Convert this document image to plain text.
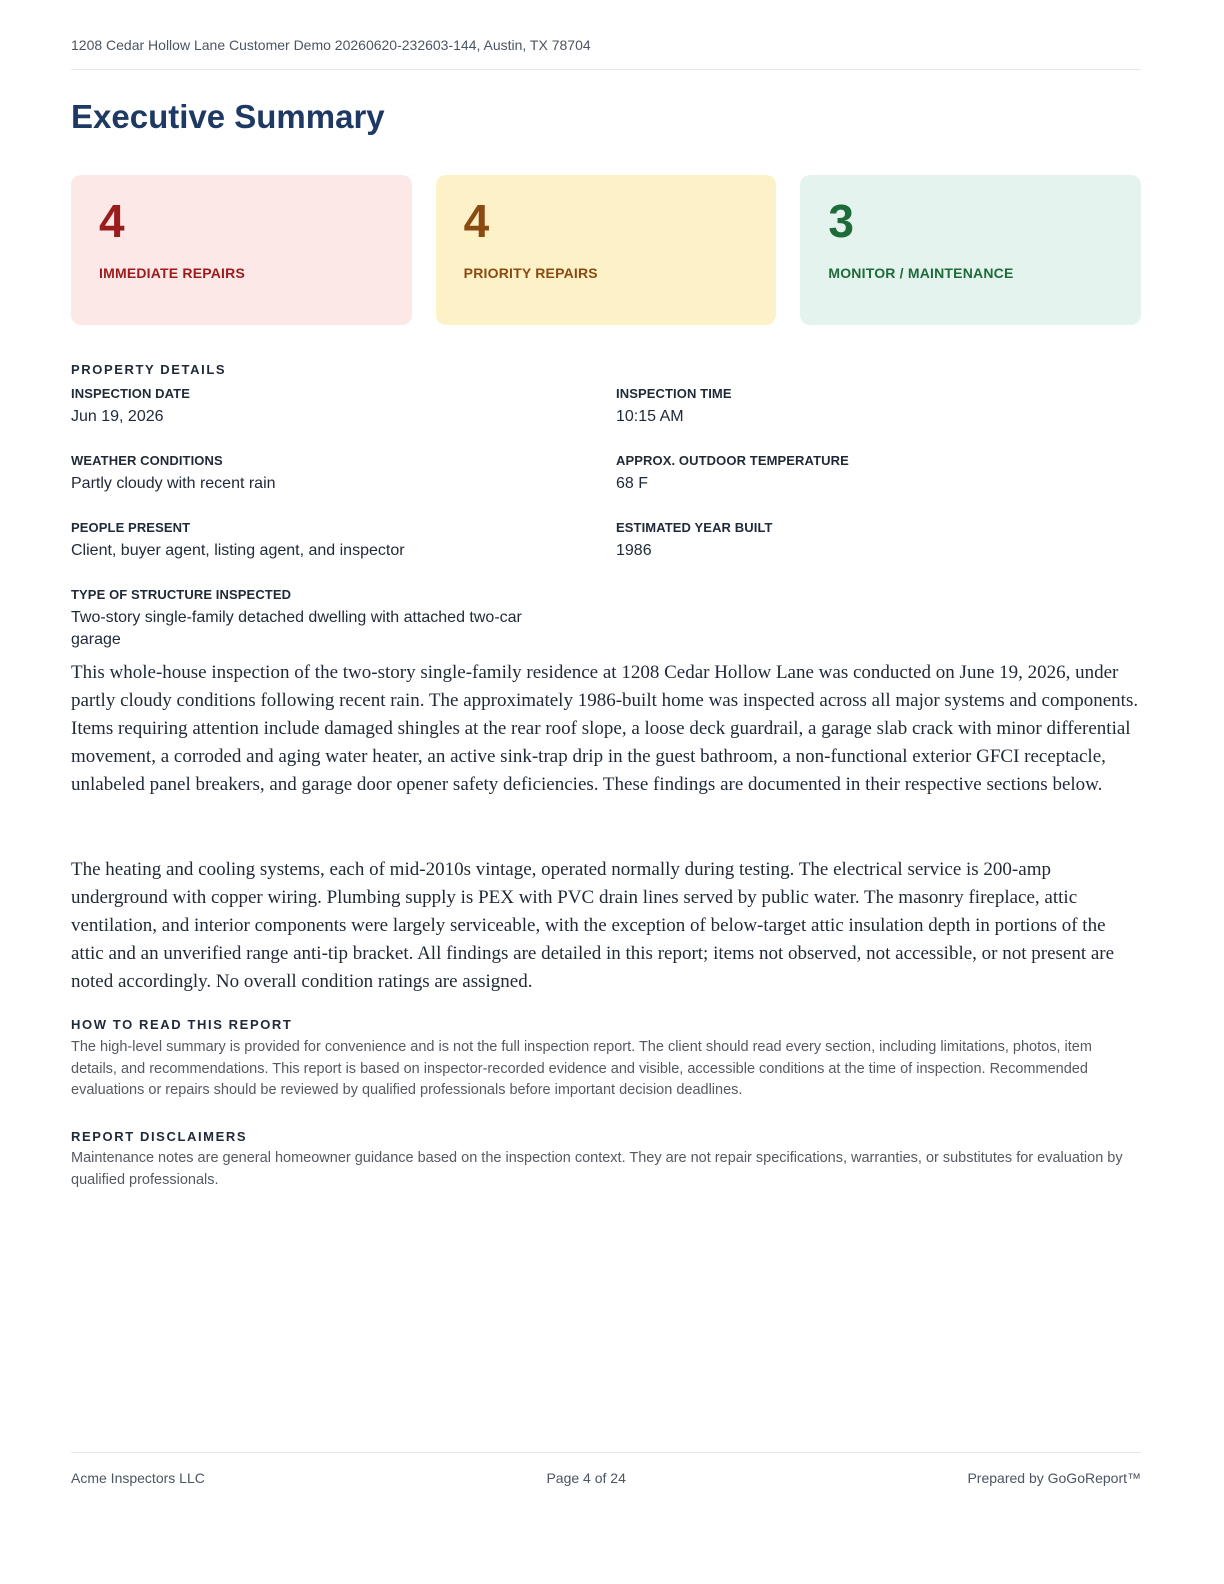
1208 Cedar Hollow Lane Customer Demo 20260620-232603-144, Austin, TX 78704
Executive Summary
4
IMMEDIATE REPAIRS
4
PRIORITY REPAIRS
3
MONITOR / MAINTENANCE
PROPERTY DETAILS
INSPECTION DATE
Jun 19, 2026
INSPECTION TIME
10:15 AM
WEATHER CONDITIONS
Partly cloudy with recent rain
APPROX. OUTDOOR TEMPERATURE
68 F
PEOPLE PRESENT
Client, buyer agent, listing agent, and inspector
ESTIMATED YEAR BUILT
1986
TYPE OF STRUCTURE INSPECTED
Two-story single-family detached dwelling with attached two-car garage

This whole-house inspection of the two-story single-family residence at 1208 Cedar Hollow Lane was conducted on June 19, 2026, under partly cloudy conditions following recent rain. The approximately 1986-built home was inspected across all major systems and components. Items requiring attention include damaged shingles at the rear roof slope, a loose deck guardrail, a garage slab crack with minor differential movement, a corroded and aging water heater, an active sink-trap drip in the guest bathroom, a non-functional exterior GFCI receptacle, unlabeled panel breakers, and garage door opener safety deficiencies. These findings are documented in their respective sections below.

The heating and cooling systems, each of mid-2010s vintage, operated normally during testing. The electrical service is 200-amp underground with copper wiring. Plumbing supply is PEX with PVC drain lines served by public water. The masonry fireplace, attic ventilation, and interior components were largely serviceable, with the exception of below-target attic insulation depth in portions of the attic and an unverified range anti-tip bracket. All findings are detailed in this report; items not observed, not accessible, or not present are noted accordingly. No overall condition ratings are assigned.

HOW TO READ THIS REPORT

The high-level summary is provided for convenience and is not the full inspection report. The client should read every section, including limitations, photos, item details, and recommendations. This report is based on inspector-recorded evidence and visible, accessible conditions at the time of inspection. Recommended evaluations or repairs should be reviewed by qualified professionals before important decision deadlines.

REPORT DISCLAIMERS

Maintenance notes are general homeowner guidance based on the inspection context. They are not repair specifications, warranties, or substitutes for evaluation by qualified professionals.

Acme Inspectors LLC	Page 4 of 24	Prepared by GoGoReport™
